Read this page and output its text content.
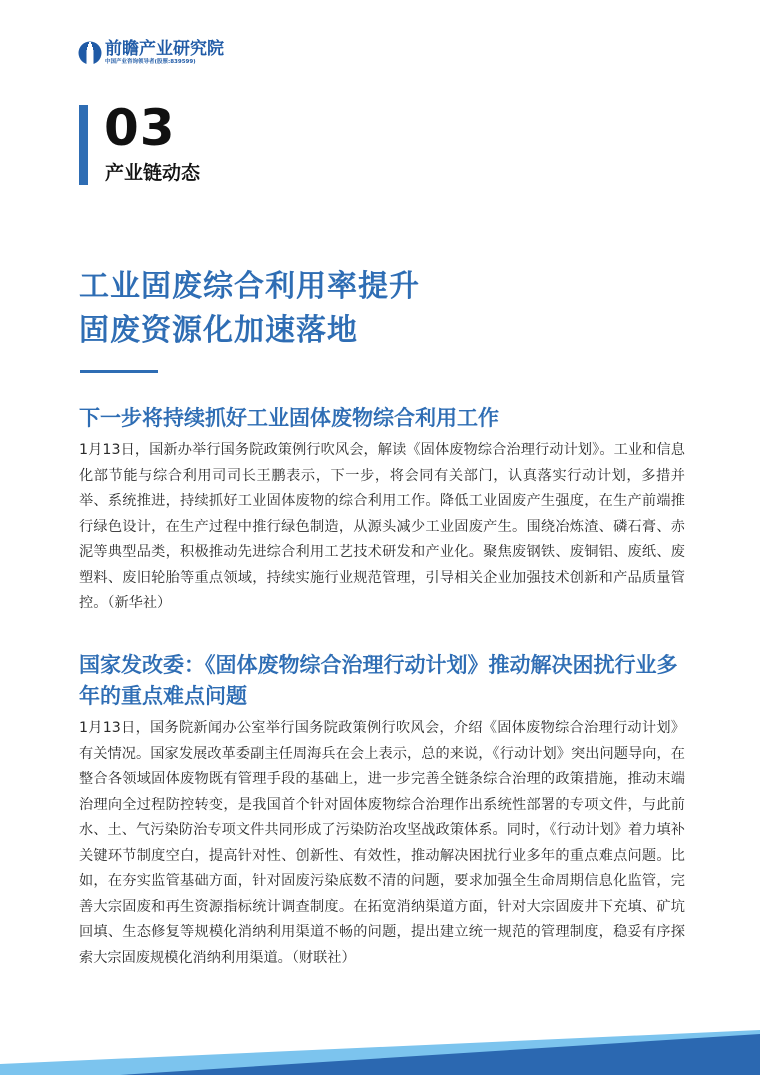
前瞻产业研究院
中国产业咨询领导者(股票:839599)
03
产业链动态
工业固废综合利用率提升
固废资源化加速落地
下一步将持续抓好工业固体废物综合利用工作

1月13日，国新办举行国务院政策例行吹风会，解读《固体废物综合治理行动计划》。工业和信息化部节能与综合利用司司长王鹏表示，下一步，将会同有关部门，认真落实行动计划，多措并举、系统推进，持续抓好工业固体废物的综合利用工作。降低工业固废产生强度，在生产前端推行绿色设计，在生产过程中推行绿色制造，从源头减少工业固废产生。围绕冶炼渣、磷石膏、赤泥等典型品类，积极推动先进综合利用工艺技术研发和产业化。聚焦废钢铁、废铜铝、废纸、废塑料、废旧轮胎等重点领域，持续实施行业规范管理，引导相关企业加强技术创新和产品质量管控。（新华社）

国家发改委：《固体废物综合治理行动计划》推动解决困扰行业多年的重点难点问题

1月13日，国务院新闻办公室举行国务院政策例行吹风会，介绍《固体废物综合治理行动计划》有关情况。国家发展改革委副主任周海兵在会上表示，总的来说，《行动计划》突出问题导向，在整合各领域固体废物既有管理手段的基础上，进一步完善全链条综合治理的政策措施，推动末端治理向全过程防控转变，是我国首个针对固体废物综合治理作出系统性部署的专项文件，与此前水、土、气污染防治专项文件共同形成了污染防治攻坚战政策体系。同时，《行动计划》着力填补关键环节制度空白，提高针对性、创新性、有效性，推动解决困扰行业多年的重点难点问题。比如，在夯实监管基础方面，针对固废污染底数不清的问题，要求加强全生命周期信息化监管，完善大宗固废和再生资源指标统计调查制度。在拓宽消纳渠道方面，针对大宗固废井下充填、矿坑回填、生态修复等规模化消纳利用渠道不畅的问题，提出建立统一规范的管理制度，稳妥有序探索大宗固废规模化消纳利用渠道。（财联社）
